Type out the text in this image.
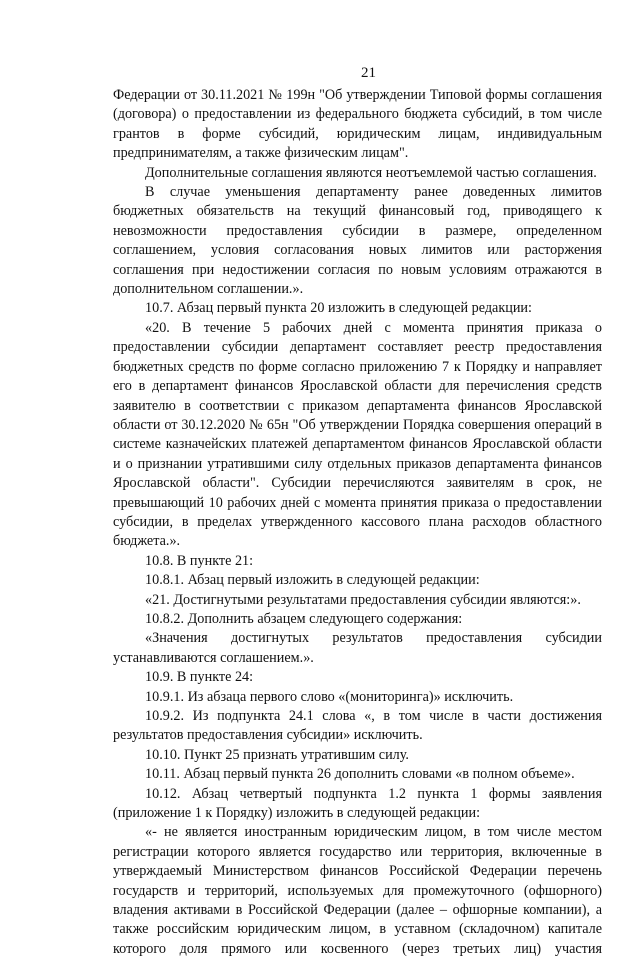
21

Федерации от 30.11.2021 № 199н "Об утверждении Типовой формы соглашения (договора) о предоставлении из федерального бюджета субсидий, в том числе грантов в форме субсидий, юридическим лицам, индивидуальным предпринимателям, а также физическим лицам".

Дополнительные соглашения являются неотъемлемой частью соглашения.

В случае уменьшения департаменту ранее доведенных лимитов бюджетных обязательств на текущий финансовый год, приводящего к невозможности предоставления субсидии в размере, определенном соглашением, условия согласования новых лимитов или расторжения соглашения при недостижении согласия по новым условиям отражаются в дополнительном соглашении.».

10.7. Абзац первый пункта 20 изложить в следующей редакции:

«20. В течение 5 рабочих дней с момента принятия приказа о предоставлении субсидии департамент составляет реестр предоставления бюджетных средств по форме согласно приложению 7 к Порядку и направляет его в департамент финансов Ярославской области для перечисления средств заявителю в соответствии с приказом департамента финансов Ярославской области от 30.12.2020 № 65н "Об утверждении Порядка совершения операций в системе казначейских платежей департаментом финансов Ярославской области и о признании утратившими силу отдельных приказов департамента финансов Ярославской области". Субсидии перечисляются заявителям в срок, не превышающий 10 рабочих дней с момента принятия приказа о предоставлении субсидии, в пределах утвержденного кассового плана расходов областного бюджета.».

10.8. В пункте 21:

10.8.1. Абзац первый изложить в следующей редакции:

«21. Достигнутыми результатами предоставления субсидии являются:».

10.8.2. Дополнить абзацем следующего содержания:

«Значения достигнутых результатов предоставления субсидии устанавливаются соглашением.».

10.9. В пункте 24:

10.9.1. Из абзаца первого слово «(мониторинга)» исключить.

10.9.2. Из подпункта 24.1 слова «, в том числе в части достижения результатов предоставления субсидии» исключить.

10.10. Пункт 25 признать утратившим силу.

10.11. Абзац первый пункта 26 дополнить словами «в полном объеме».

10.12. Абзац четвертый подпункта 1.2 пункта 1 формы заявления (приложение 1 к Порядку) изложить в следующей редакции:

«- не является иностранным юридическим лицом, в том числе местом регистрации которого является государство или территория, включенные в утверждаемый Министерством финансов Российской Федерации перечень государств и территорий, используемых для промежуточного (офшорного) владения активами в Российской Федерации (далее – офшорные компании), а также российским юридическим лицом, в уставном (складочном) капитале которого доля прямого или косвенного (через третьих лиц) участия
